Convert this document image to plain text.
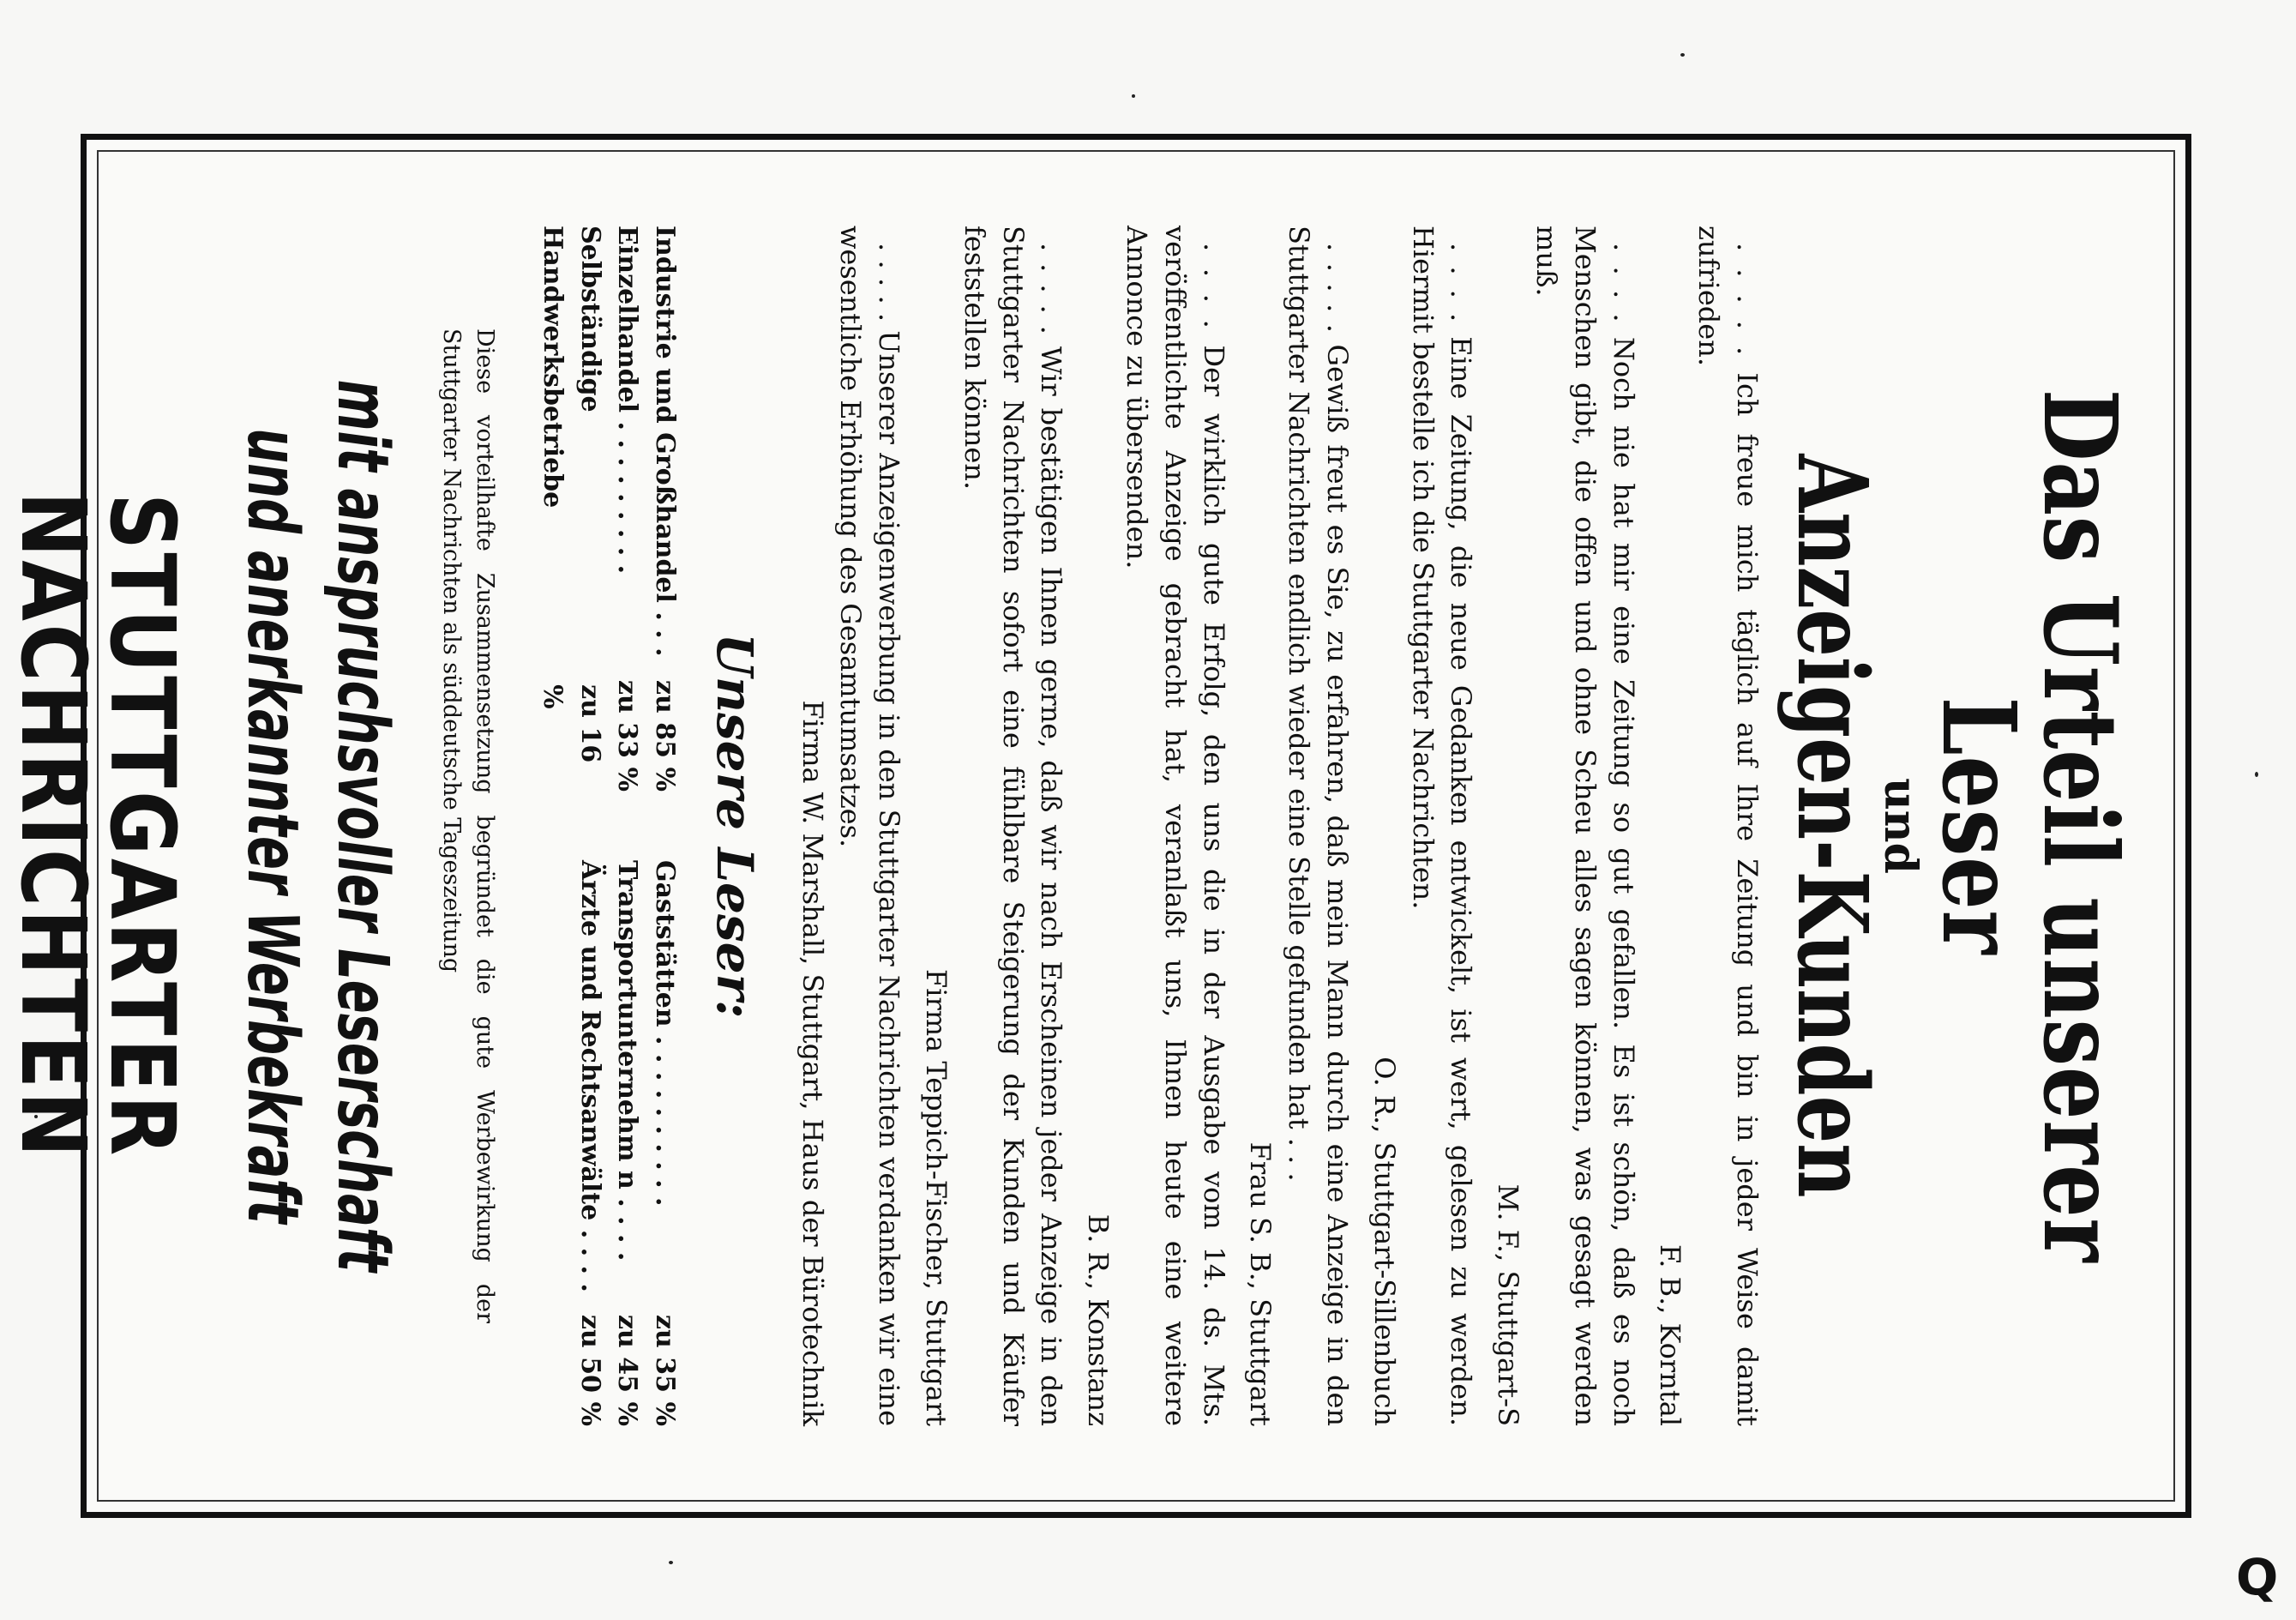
Das Urteil unserer Leser
und
Anzeigen-Kunden
. . . . . Ich freue mich täglich auf Ihre Zeitung und bin in jeder Weise damit zufrieden.
F. B., Korntal
. . . . Noch nie hat mir eine Zeitung so gut gefallen. Es ist schön, daß es noch Menschen gibt, die offen und ohne Scheu alles sagen können, was gesagt werden muß.
M. F., Stuttgart-S
. . . . Eine Zeitung, die neue Gedanken entwickelt, ist wert, gelesen zu werden. Hiermit bestelle ich die Stuttgarter Nachrichten.
O. R., Stuttgart-Sillenbuch
. . . . . Gewiß freut es Sie, zu erfahren, daß mein Mann durch eine Anzeige in den Stuttgarter Nachrichten endlich wieder eine Stelle gefunden hat . . .
Frau S. B., Stuttgart
. . . . Der wirklich gute Erfolg, den uns die in der Ausgabe vom 14. ds. Mts. veröffentlichte Anzeige gebracht hat, veranlaßt uns, Ihnen heute eine weitere Annonce zu übersenden.
B. R., Konstanz
. . . . . Wir bestätigen Ihnen gerne, daß wir nach Erscheinen jeder Anzeige in den Stuttgarter Nachrichten sofort eine fühlbare Steigerung der Kunden und Käufer feststellen können.
Firma Teppich-Fischer, Stuttgart
. . . . . Unserer Anzeigenwerbung in den Stuttgarter Nachrichten verdanken wir eine wesentliche Erhöhung des Gesamtumsatzes.
Firma W. Marshall, Stuttgart, Haus der Bürotechnik
Unsere Leser:
Industrie und Großhandel . . .
zu 85 %
Einzelhandel . . . . . . . . .
zu 33 %
Selbständige Handwerksbetriebe
zu 16 %
Gaststätten . . . . . . . . . .
zu 35 %
Transportunternehm n . . . .
zu 45 %
Ärzte und Rechtsanwälte . . . .
zu 50 %
Diese vorteilhafte Zusammensetzung begründet die gute Werbewirkung der Stuttgarter Nachrichten als süddeutsche Tageszeitung
mit anspruchsvoller Leserschaft
und anerkannter Werbekraft
STUTTGARTER NACHRICHTEN
Q
